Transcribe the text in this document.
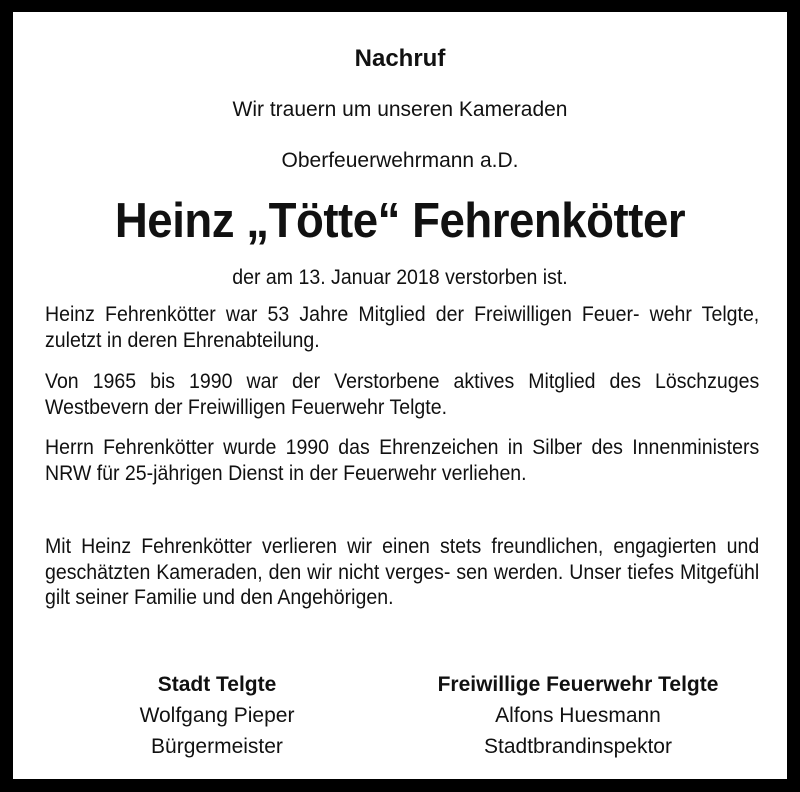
Nachruf
Wir trauern um unseren Kameraden
Oberfeuerwehrmann a.D.
Heinz „Tötte“ Fehrenkötter
der am 13. Januar 2018 verstorben ist.

Heinz Fehrenkötter war 53 Jahre Mitglied der Freiwilligen Feuer- wehr Telgte, zuletzt in deren Ehrenabteilung.

Von 1965 bis 1990 war der Verstorbene aktives Mitglied des Löschzuges Westbevern der Freiwilligen Feuerwehr Telgte.

Herrn Fehrenkötter wurde 1990 das Ehrenzeichen in Silber des Innenministers NRW für 25-jährigen Dienst in der Feuerwehr verliehen.

Mit Heinz Fehrenkötter verlieren wir einen stets freundlichen, engagierten und geschätzten Kameraden, den wir nicht verges- sen werden. Unser tiefes Mitgefühl gilt seiner Familie und den Angehörigen.

Stadt Telgte
Wolfgang Pieper
Bürgermeister
Freiwillige Feuerwehr Telgte
Alfons Huesmann
Stadtbrandinspektor
